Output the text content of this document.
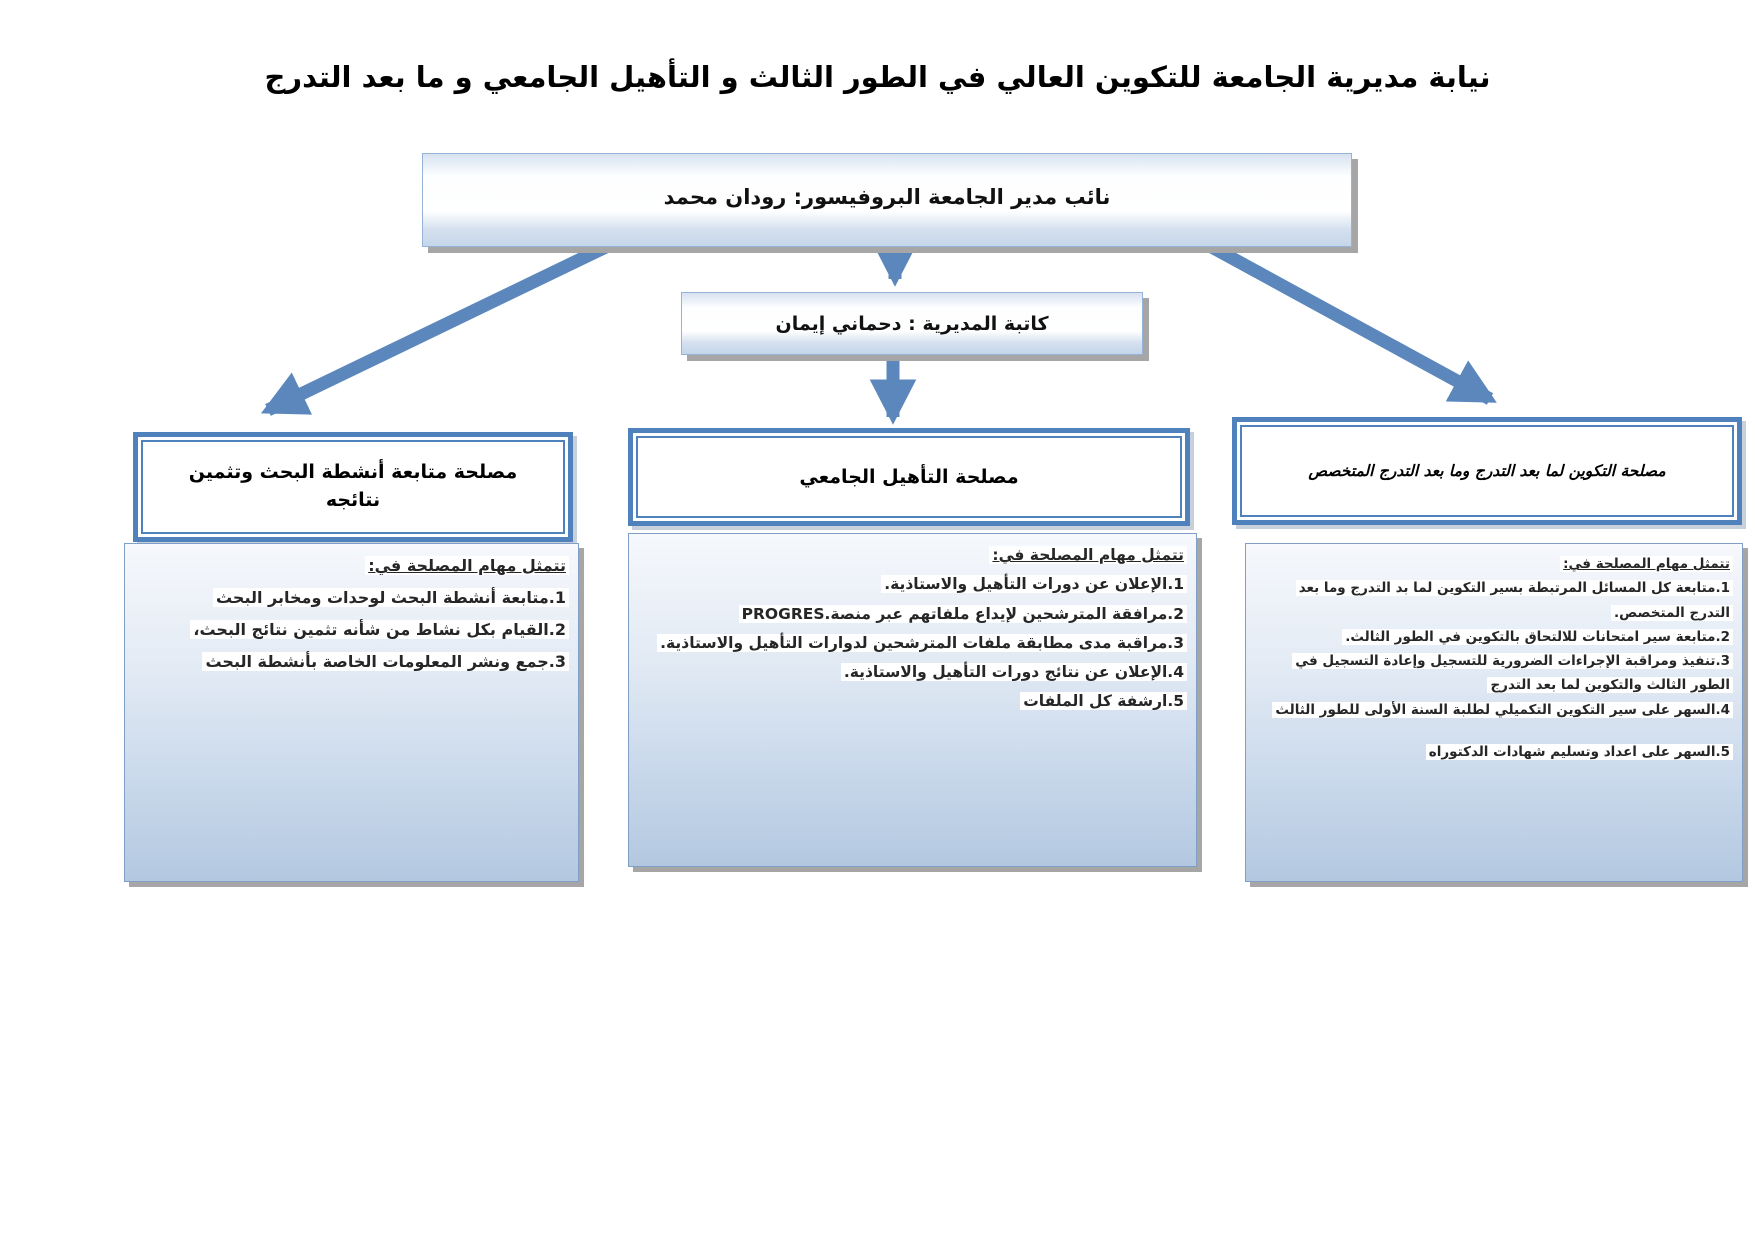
نيابة مديرية الجامعة للتكوين العالي في الطور الثالث و التأهيل الجامعي و ما بعد التدرج
نائب مدير الجامعة البروفيسور: رودان محمد
كاتبة المديرية : دحماني إيمان
مصلحة متابعة أنشطة البحث وتثمين نتائجه
مصلحة التأهيل الجامعي	مصلحة التكوين لما بعد التدرج وما بعد التدرج المتخصص
تتمثل مهام المصلحة في:
1.متابعة أنشطة البحث لوحدات ومخابر البحث
2.القيام بكل نشاط من شأنه تثمين نتائج البحث،
3.جمع ونشر المعلومات الخاصة بأنشطة البحث
تتمثل مهام المصلحة في:
1.الإعلان عن دورات التأهيل والاستاذية.
2.مرافقة المترشحين لإيداع ملفاتهم عبر منصة.PROGRES
3.مراقبة مدى مطابقة ملفات المترشحين لدوارات التأهيل والاستاذية.
4.الإعلان عن نتائج دورات التأهيل والاستاذية.
5.ارشفة كل الملفات
تتمثل مهام المصلحة في:
1.متابعة كل المسائل المرتبطة بسير التكوين لما بد التدرج وما بعد
التدرج المتخصص.
2.متابعة سير امتحانات للالتحاق بالتكوين في الطور الثالث.
3.تنفيذ ومراقبة الإجراءات الضرورية للتسجيل وإعادة التسجيل في
الطور الثالث والتكوين لما بعد التدرج
4.السهر على سير التكوين التكميلي لطلبة السنة الأولى للطور الثالث
5.السهر على اعداد وتسليم شهادات الدكتوراه
